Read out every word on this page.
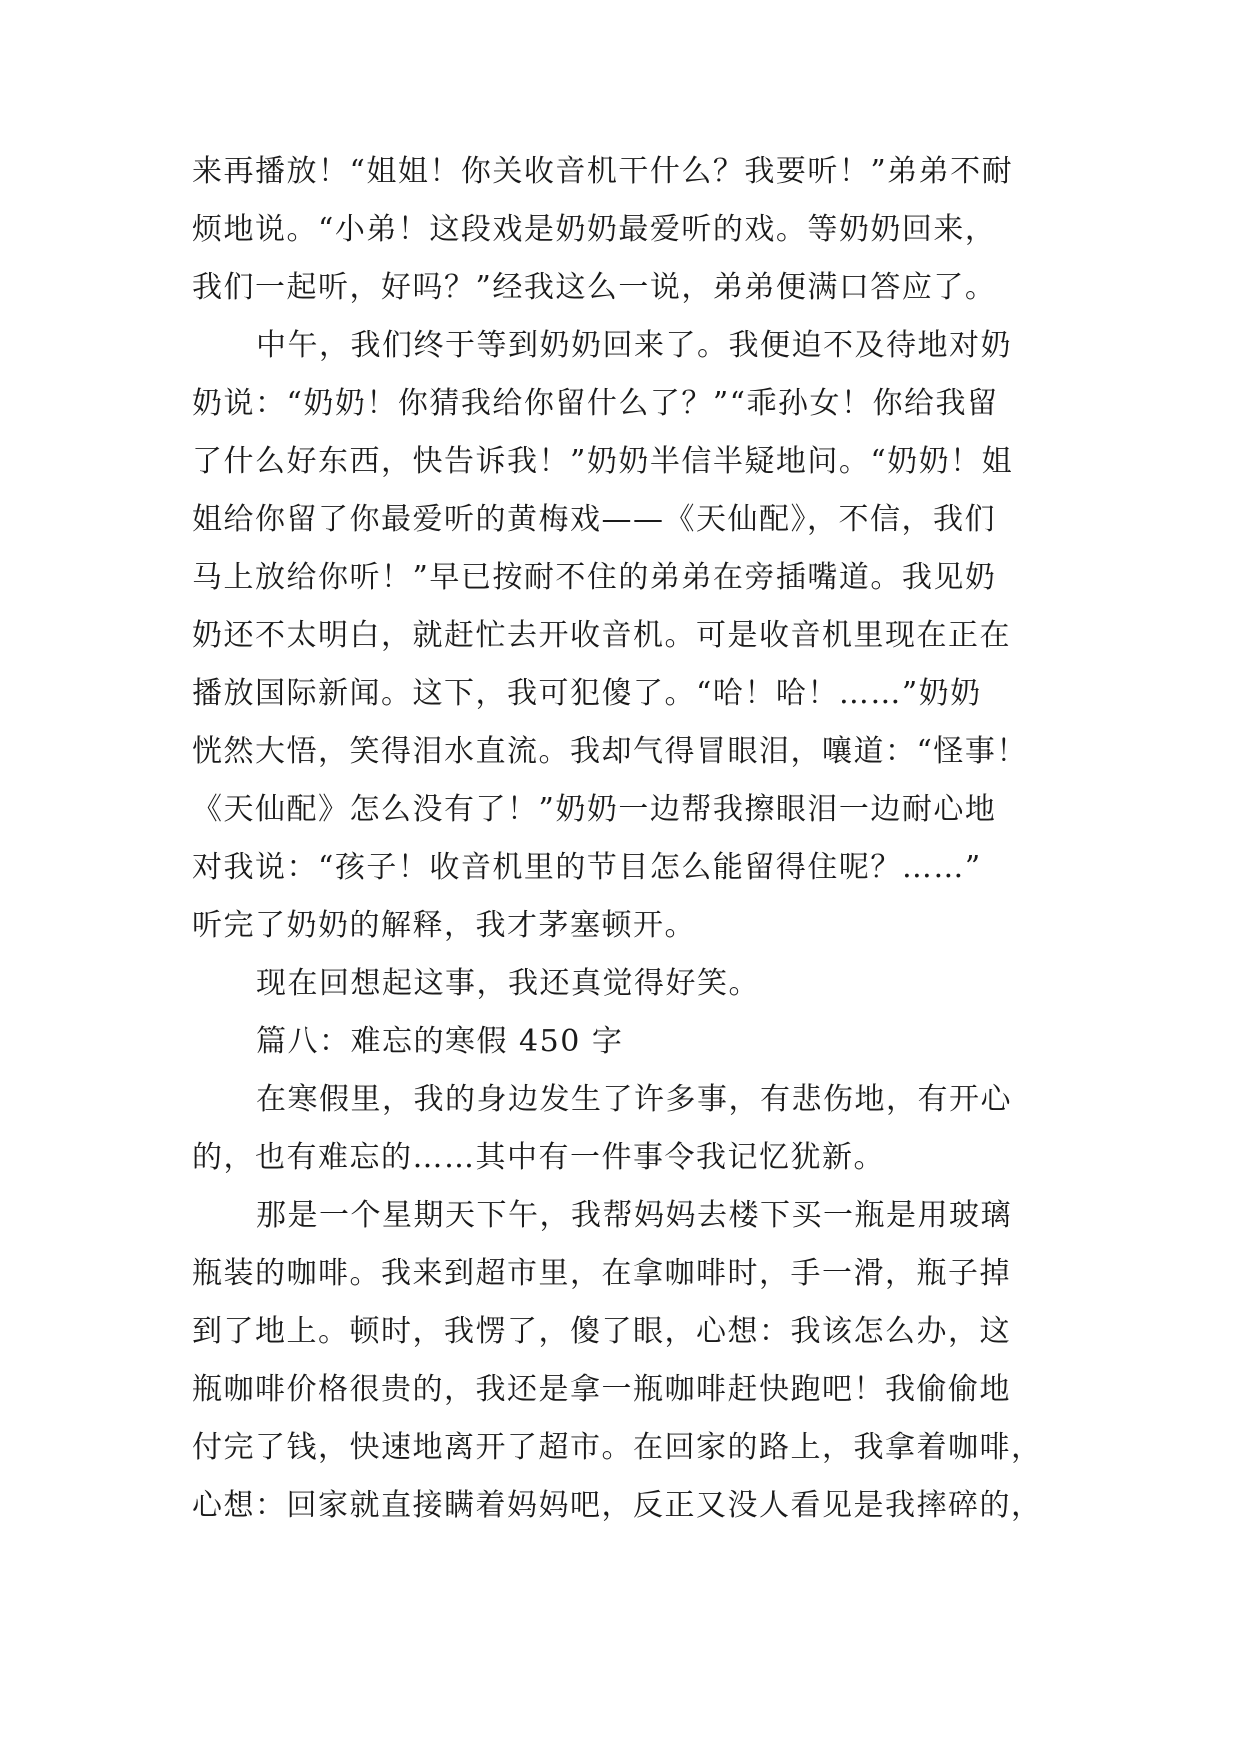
来再播放！“姐姐！你关收音机干什么？我要听！”弟弟不耐
烦地说。“小弟！这段戏是奶奶最爱听的戏。等奶奶回来，
我们一起听，好吗？”经我这么一说，弟弟便满口答应了。
中午，我们终于等到奶奶回来了。我便迫不及待地对奶
奶说：“奶奶！你猜我给你留什么了？”“乖孙女！你给我留
了什么好东西，快告诉我！”奶奶半信半疑地问。“奶奶！姐
姐给你留了你最爱听的黄梅戏——《天仙配》，不信，我们
马上放给你听！”早已按耐不住的弟弟在旁插嘴道。我见奶
奶还不太明白，就赶忙去开收音机。可是收音机里现在正在
播放国际新闻。这下，我可犯傻了。“哈！哈！……”奶奶
恍然大悟，笑得泪水直流。我却气得冒眼泪，嚷道：“怪事！
《天仙配》怎么没有了！”奶奶一边帮我擦眼泪一边耐心地
对我说：“孩子！收音机里的节目怎么能留得住呢？……”
听完了奶奶的解释，我才茅塞顿开。
现在回想起这事，我还真觉得好笑。
篇八：难忘的寒假 450 字
在寒假里，我的身边发生了许多事，有悲伤地，有开心
的，也有难忘的……其中有一件事令我记忆犹新。
那是一个星期天下午，我帮妈妈去楼下买一瓶是用玻璃
瓶装的咖啡。我来到超市里，在拿咖啡时，手一滑，瓶子掉
到了地上。顿时，我愣了，傻了眼，心想：我该怎么办，这
瓶咖啡价格很贵的，我还是拿一瓶咖啡赶快跑吧！我偷偷地
付完了钱，快速地离开了超市。在回家的路上，我拿着咖啡，
心想：回家就直接瞒着妈妈吧，反正又没人看见是我摔碎的，
